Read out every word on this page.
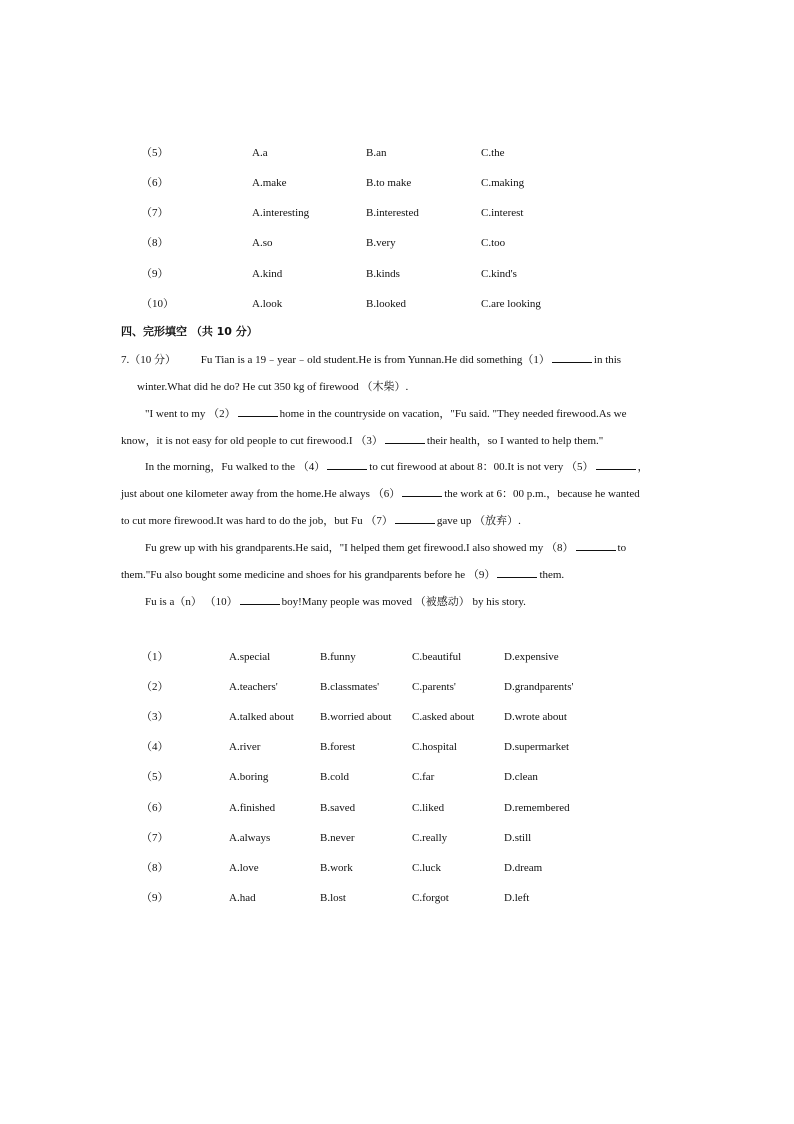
（5）	A.a	B.an	C.the
（6）	A.make	B.to make	C.making
（7）	A.interesting	B.interested	C.interest
（8）	A.so	B.very	C.too
（9）	A.kind	B.kinds	C.kind's
（10）	A.look	B.looked	C.are looking
四、完形填空 （共 10 分）
7.（10 分） Fu Tian is a 19﹣year﹣old student.He is from Yunnan.He did something（1）	in this
winter.What did he do? He cut 350 kg of firewood （木柴）.
"I went to my （2）	home in the countryside on vacation，"Fu said. "They needed firewood.As we
know，it is not easy for old people to cut firewood.I （3）	their health，so I wanted to help them."
In the morning，Fu walked to the （4）	to cut firewood at about 8：00.It is not very （5）	，
just about one kilometer away from the home.He always （6）	the work at 6：00 p.m.，because he wanted
to cut more firewood.It was hard to do the job，but Fu （7）	gave up （放弃）.
Fu grew up with his grandparents.He said，"I helped them get firewood.I also showed my （8）	to
them."Fu also bought some medicine and shoes for his grandparents before he （9）	them.
Fu is a（n） （10）	boy!Many people was moved （被感动） by his story.
（1）	A.special	B.funny	C.beautiful	D.expensive
（2）	A.teachers'	B.classmates'	C.parents'	D.grandparents'
（3）	A.talked about B.worried about C.asked about	D.wrote about
（4）	A.river	B.forest	C.hospital	D.supermarket
（5）	A.boring	B.cold	C.far	D.clean
（6）	A.finished	B.saved	C.liked	D.remembered
（7）	A.always	B.never	C.really	D.still
（8）	A.love	B.work	C.luck	D.dream
（9）	A.had	B.lost	C.forgot	D.left
